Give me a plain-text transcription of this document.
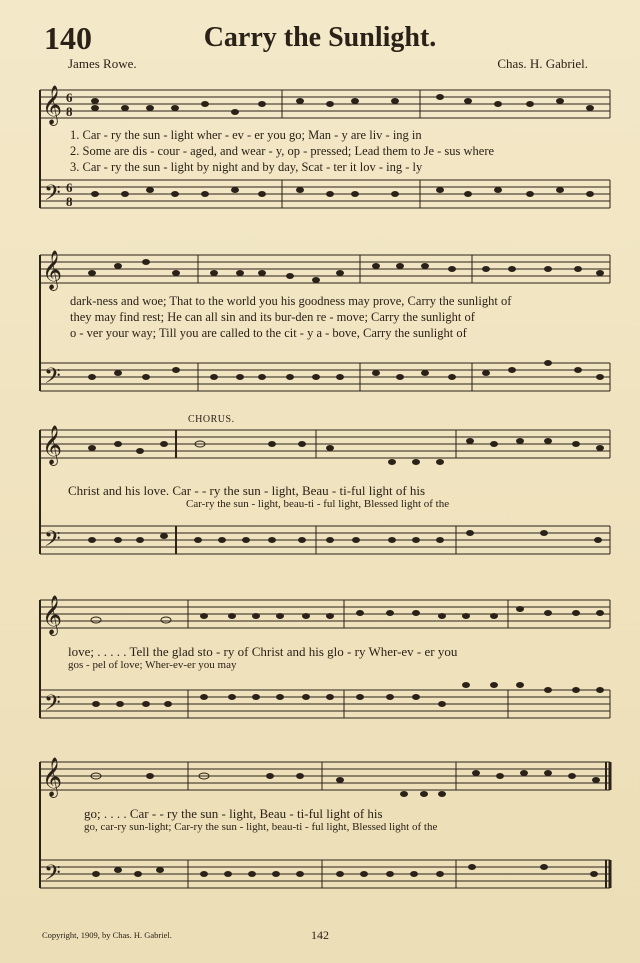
140	Carry the Sunlight.
James Rowe.	Chas. H. Gabriel.
𝄞
𝄢
6
8
6
8
1. Car - ry the sun - light wher - ev - er you go; Man - y are liv - ing in
2. Some are dis - cour - aged, and wear - y, op - pressed; Lead them to Je - sus where
3. Car - ry the sun - light by night and by day, Scat - ter it lov - ing - ly
𝄞
𝄢
dark-ness and woe; That to the world you his goodness may prove, Carry the sunlight of
they may find rest; He can all sin and its bur-den re - move; Carry the sunlight of
o - ver your way; Till you are called to the cit - y a - bove, Carry the sunlight of
CHORUS.
𝄞
𝄢
Christ and his love. Car - - ry the sun - light, Beau - ti-ful light of his
Car-ry the sun - light, beau-ti - ful light, Blessed light of the
𝄞
𝄢
love; . . . . . Tell the glad sto - ry of Christ and his glo - ry Wher-ev - er you
gos - pel of love; Wher-ev-er you may
𝄞
𝄢
go; . . . . Car - - ry the sun - light, Beau - ti-ful light of his
go, car-ry sun-light; Car-ry the sun - light, beau-ti - ful light, Blessed light of the
Copyright, 1909, by Chas. H. Gabriel.	142
